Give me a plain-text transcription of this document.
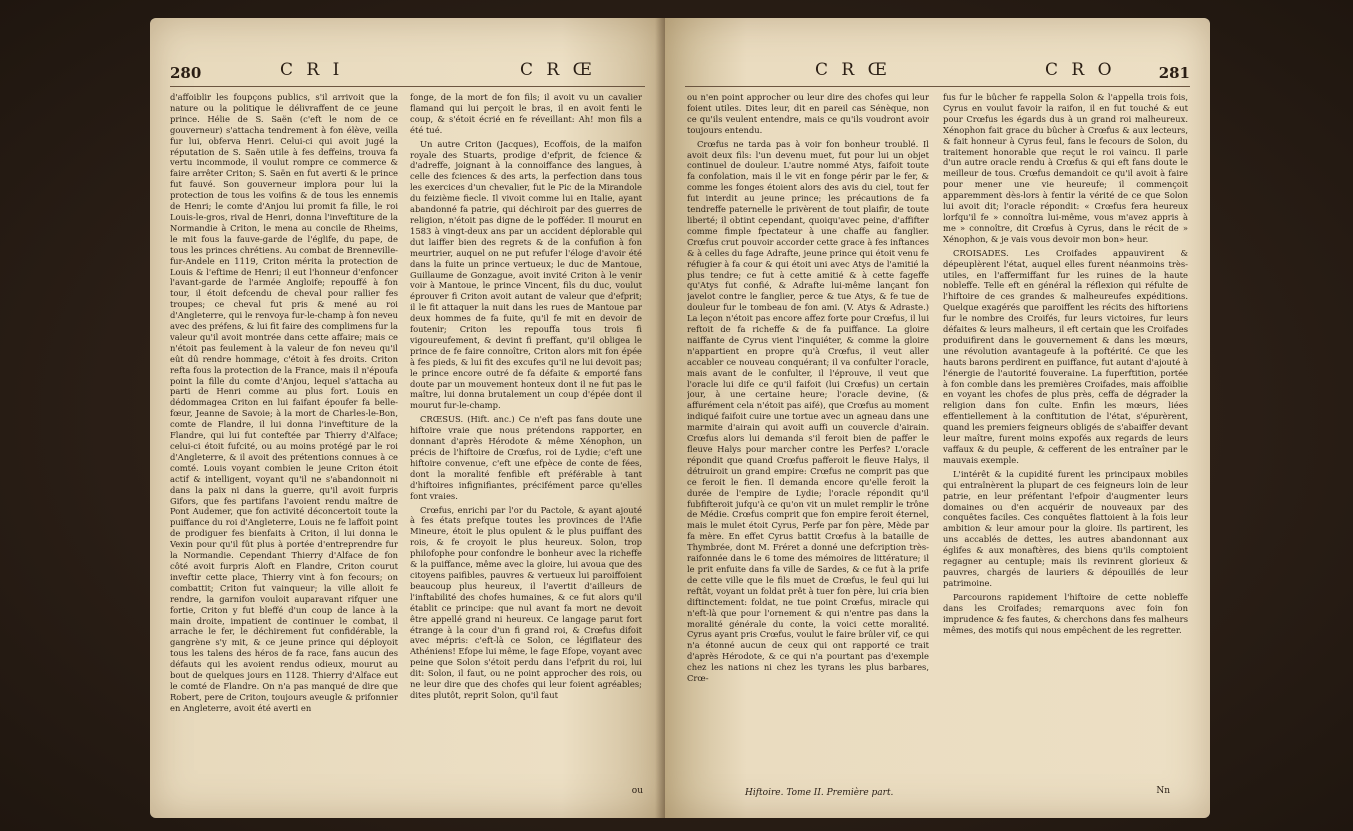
280	C R I	C R Œ

d'affoiblir les foupçons publics, s'il arrivoit que la nature ou la politique le délivraffent de ce jeune prince. Hélie de S. Saën (c'eft le nom de ce gouverneur) s'attacha tendrement à fon élève, veilla fur lui, obferva Henri. Celui-ci qui avoit jugé la réputation de S. Saën utile à fes deffeins, trouva fa vertu incommode, il voulut rompre ce commerce & faire arrêter Criton; S. Saën en fut averti & le prince fut fauvé. Son gouverneur implora pour lui la protection de tous les voifins & de tous les ennemis de Henri; le comte d'Anjou lui promit fa fille, le roi Louis-le-gros, rival de Henri, donna l'inveftiture de la Normandie à Criton, le mena au concile de Rheims, le mit fous la fauve-garde de l'églife, du pape, de tous les princes chrétiens. Au combat de Brenneville-fur-Andele en 1119, Criton mérita la protection de Louis & l'eftime de Henri; il eut l'honneur d'enfoncer l'avant-garde de l'armée Angloife; repouffé à fon tour, il étoit defcendu de cheval pour rallier fes troupes; ce cheval fut pris & mené au roi d'Angleterre, qui le renvoya fur-le-champ à fon neveu avec des préfens, & lui fit faire des complimens fur la valeur qu'il avoit montrée dans cette affaire; mais ce n'étoit pas feulement à la valeur de fon neveu qu'il eût dû rendre hommage, c'étoit à fes droits. Criton refta fous la protection de la France, mais il n'époufa point la fille du comte d'Anjou, lequel s'attacha au parti de Henri comme au plus fort. Louis en dédommagea Criton en lui faifant époufer fa belle-fœur, Jeanne de Savoie; à la mort de Charles-le-Bon, comte de Flandre, il lui donna l'inveftiture de la Flandre, qui lui fut conteftée par Thierry d'Alface; celui-ci étoit fufcité, ou au moins protégé par le roi d'Angleterre, & il avoit des prétentions connues à ce comté. Louis voyant combien le jeune Criton étoit actif & intelligent, voyant qu'il ne s'abandonnoit ni dans la paix ni dans la guerre, qu'il avoit furpris Gifors, que fes partifans l'avoient rendu maître de Pont Audemer, que fon activité déconcertoit toute la puiffance du roi d'Angleterre, Louis ne fe laffoit point de prodiguer fes bienfaits à Criton, il lui donna le Vexin pour qu'il fût plus à portée d'entreprendre fur la Normandie. Cependant Thierry d'Alface de fon côté avoit furpris Aloft en Flandre, Criton courut inveftir cette place, Thierry vint à fon fecours; on combattit; Criton fut vainqueur; la ville alloit fe rendre, la garnifon vouloit auparavant rifquer une fortie, Criton y fut bleffé d'un coup de lance à la main droite, impatient de continuer le combat, il arrache le fer, le déchirement fut confidérable, la gangrène s'y mit, & ce jeune prince qui déployoit tous les talens des héros de fa race, fans aucun des défauts qui les avoient rendus odieux, mourut au bout de quelques jours en 1128. Thierry d'Alface eut le comté de Flandre. On n'a pas manqué de dire que Robert, pere de Criton, toujours aveugle & prifonnier en Angleterre, avoit été averti en

fonge, de la mort de fon fils; il avoit vu un cavalier flamand qui lui perçoit le bras, il en avoit fenti le coup, & s'étoit écrié en fe réveillant: Ah! mon fils a été tué.

Un autre Criton (Jacques), Ecoffois, de la maifon royale des Stuarts, prodige d'efprit, de fcience & d'adreffe, joignant à la connoiffance des langues, à celle des fciences & des arts, la perfection dans tous les exercices d'un chevalier, fut le Pic de la Mirandole du feizième fiecle. Il vivoit comme lui en Italie, ayant abandonné fa patrie, qui déchiroit par des guerres de religion, n'étoit pas digne de le pofféder. Il mourut en 1583 à vingt-deux ans par un accident déplorable qui dut laiffer bien des regrets & de la confufion à fon meurtrier, auquel on ne put refufer l'éloge d'avoir été dans la fuite un prince vertueux; le duc de Mantoue, Guillaume de Gonzague, avoit invité Criton à le venir voir à Mantoue, le prince Vincent, fils du duc, voulut éprouver fi Criton avoit autant de valeur que d'efprit; il le fit attaquer la nuit dans les rues de Mantoue par deux hommes de fa fuite, qu'il fe mit en devoir de foutenir; Criton les repouffa tous trois fi vigoureufement, & devint fi preffant, qu'il obligea le prince de fe faire connoître, Criton alors mit fon épée à fes pieds, & lui fit des excufes qu'il ne lui devoit pas; le prince encore outré de fa défaite & emporté fans doute par un mouvement honteux dont il ne fut pas le maître, lui donna brutalement un coup d'épée dont il mourut fur-le-champ.

CRŒSUS. (Hift. anc.) Ce n'eft pas fans doute une hiftoire vraie que nous prétendons rapporter, en donnant d'après Hérodote & même Xénophon, un précis de l'hiftoire de Crœfus, roi de Lydie; c'eft une hiftoire convenue, c'eft une efpèce de conte de fées, dont la moralité fenfible eft préférable à tant d'hiftoires infignifiantes, précifément parce qu'elles font vraies.

Crœfus, enrichi par l'or du Pactole, & ayant ajouté à fes états prefque toutes les provinces de l'Afie Mineure, étoit le plus opulent & le plus puiffant des rois, & fe croyoit le plus heureux. Solon, trop philofophe pour confondre le bonheur avec la richeffe & la puiffance, même avec la gloire, lui avoua que des citoyens paifibles, pauvres & vertueux lui paroiffoient beaucoup plus heureux, il l'avertit d'ailleurs de l'inftabilité des chofes humaines, & ce fut alors qu'il établit ce principe: que nul avant fa mort ne devoit être appellé grand ni heureux. Ce langage parut fort étrange à la cour d'un fi grand roi, & Crœfus difoit avec mépris: c'eft-là ce Solon, ce légiflateur des Athéniens! Efope lui même, le fage Efope, voyant avec peine que Solon s'étoit perdu dans l'efprit du roi, lui dit: Solon, il faut, ou ne point approcher des rois, ou ne leur dire que des chofes qui leur foient agréables; dites plutôt, reprit Solon, qu'il faut

ou
C R Œ	C R O	281

ou n'en point approcher ou leur dire des chofes qui leur foient utiles. Dites leur, dit en pareil cas Sénèque, non ce qu'ils veulent entendre, mais ce qu'ils voudront avoir toujours entendu.

Crœfus ne tarda pas à voir fon bonheur troublé. Il avoit deux fils: l'un devenu muet, fut pour lui un objet continuel de douleur. L'autre nommé Atys, faifoit toute fa confolation, mais il le vit en fonge périr par le fer, & comme les fonges étoient alors des avis du ciel, tout fer fut interdit au jeune prince; les précautions de fa tendreffe paternelle le privèrent de tout plaifir, de toute liberté; il obtint cependant, quoiqu'avec peine, d'affifter comme fimple fpectateur à une chaffe au fanglier. Crœfus crut pouvoir accorder cette grace à fes inftances & à celles du fage Adrafte, jeune prince qui étoit venu fe réfugier à fa cour & qui étoit uni avec Atys de l'amitié la plus tendre; ce fut à cette amitié & à cette fageffe qu'Atys fut confié, & Adrafte lui-même lançant fon javelot contre le fanglier, perce & tue Atys, & fe tue de douleur fur le tombeau de fon ami. (V. Atys & Adraste.) La leçon n'étoit pas encore affez forte pour Crœfus, il lui reftoit de fa richeffe & de fa puiffance. La gloire naiffante de Cyrus vient l'inquiéter, & comme la gloire n'appartient en propre qu'à Crœfus, il veut aller accabler ce nouveau conquérant; il va confulter l'oracle, mais avant de le confulter, il l'éprouve, il veut que l'oracle lui dife ce qu'il faifoit (lui Crœfus) un certain jour, à une certaine heure; l'oracle devine, (& affurément cela n'étoit pas aifé), que Crœfus au moment indiqué faifoit cuire une tortue avec un agneau dans une marmite d'airain qui avoit auffi un couvercle d'airain. Crœfus alors lui demanda s'il feroit bien de paffer le fleuve Halys pour marcher contre les Perfes? L'oracle répondit que quand Crœfus pafferoit le fleuve Halys, il détruiroit un grand empire: Crœfus ne comprit pas que ce feroit le fien. Il demanda encore qu'elle feroit la durée de l'empire de Lydie; l'oracle répondit qu'il fubfifteroit jufqu'à ce qu'on vit un mulet remplir le trône de Médie. Crœfus comprit que fon empire feroit éternel, mais le mulet étoit Cyrus, Perfe par fon père, Mède par fa mère. En effet Cyrus battit Crœfus à la bataille de Thymbrée, dont M. Fréret a donné une defcription très-raifonnée dans le 6 tome des mémoires de littérature; il le prit enfuite dans fa ville de Sardes, & ce fut à la prife de cette ville que le fils muet de Crœfus, le feul qui lui reftât, voyant un foldat prêt à tuer fon père, lui cria bien diftinctement: foldat, ne tue point Crœfus, miracle qui n'eft-là que pour l'ornement & qui n'entre pas dans la moralité générale du conte, la voici cette moralité. Cyrus ayant pris Crœfus, voulut le faire brûler vif, ce qui n'a étonné aucun de ceux qui ont rapporté ce trait d'après Hérodote, & ce qui n'a pourtant pas d'exemple chez les nations ni chez les tyrans les plus barbares, Crœ-

fus fur le bûcher fe rappella Solon & l'appella trois fois, Cyrus en voulut favoir la raifon, il en fut touché & eut pour Crœfus les égards dus à un grand roi malheureux. Xénophon fait grace du bûcher à Crœfus & aux lecteurs, & fait honneur à Cyrus feul, fans le fecours de Solon, du traitement honorable que reçut le roi vaincu. Il parle d'un autre oracle rendu à Crœfus & qui eft fans doute le meilleur de tous. Crœfus demandoit ce qu'il avoit à faire pour mener une vie heureufe; il commençoit apparemment dès-lors à fentir la vérité de ce que Solon lui avoit dit; l'oracle répondit: « Crœfus fera heureux lorfqu'il fe » connoîtra lui-même, vous m'avez appris à me » connoître, dit Crœfus à Cyrus, dans le récit de » Xénophon, & je vais vous devoir mon bon» heur.

CROISADES. Les Croifades appauvirent & dépeuplèrent l'état, auquel elles furent néanmoins très-utiles, en l'affermiffant fur les ruines de la haute nobleffe. Telle eft en général la réflexion qui réfulte de l'hiftoire de ces grandes & malheureufes expéditions. Quelque exagérés que paroiffent les récits des hiftoriens fur le nombre des Croifés, fur leurs victoires, fur leurs défaites & leurs malheurs, il eft certain que les Croifades produifirent dans le gouvernement & dans les mœurs, une révolution avantageufe à la poftérité. Ce que les hauts barons perdirent en puiffance, fut autant d'ajouté à l'énergie de l'autorité fouveraine. La fuperftition, portée à fon comble dans les premières Croifades, mais affoiblie en voyant les chofes de plus près, ceffa de dégrader la religion dans fon culte. Enfin les mœurs, liées effentiellement à la conftitution de l'état, s'épurèrent, quand les premiers feigneurs obligés de s'abaiffer devant leur maître, furent moins expofés aux regards de leurs vaffaux & du peuple, & cefferent de les entraîner par le mauvais exemple.

L'intérêt & la cupidité furent les principaux mobiles qui entraînèrent la plupart de ces feigneurs loin de leur patrie, en leur préfentant l'efpoir d'augmenter leurs domaines ou d'en acquérir de nouveaux par des conquêtes faciles. Ces conquêtes flattoient à la fois leur ambition & leur amour pour la gloire. Ils partirent, les uns accablés de dettes, les autres abandonnant aux églifes & aux monaftères, des biens qu'ils comptoient regagner au centuple; mais ils revinrent glorieux & pauvres, chargés de lauriers & dépouillés de leur patrimoine.

Parcourons rapidement l'hiftoire de cette nobleffe dans les Croifades; remarquons avec foin fon imprudence & fes fautes, & cherchons dans fes malheurs mêmes, des motifs qui nous empêchent de les regretter.

Hiftoire. Tome II. Première part.	Nn
